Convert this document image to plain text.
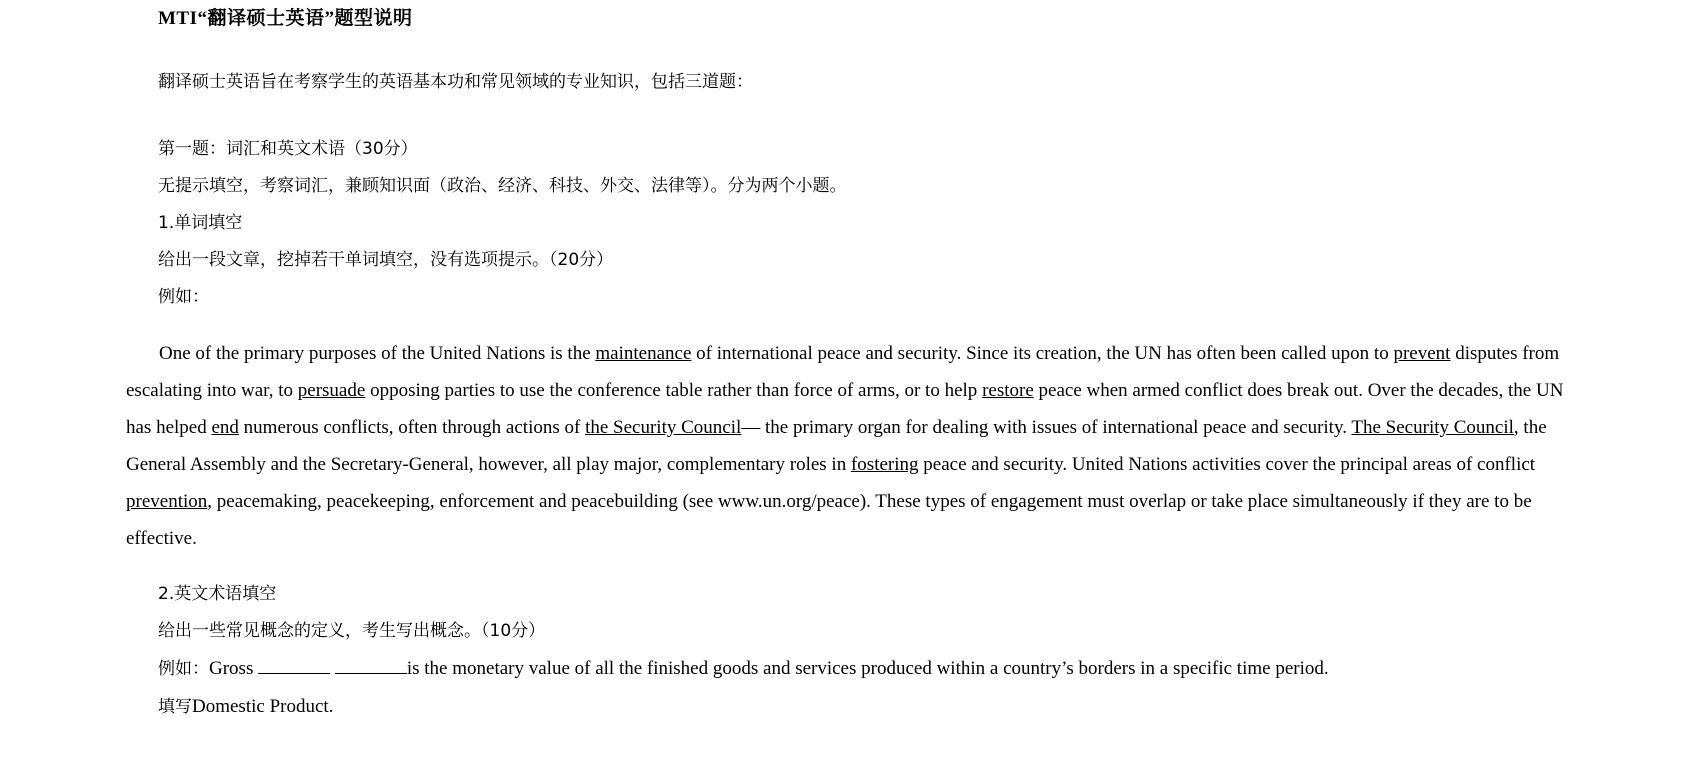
MTI“翻译硕士英语”题型说明
翻译硕士英语旨在考察学生的英语基本功和常见领域的专业知识，包括三道题：
第一题：词汇和英文术语（30分）
无提示填空，考察词汇，兼顾知识面（政治、经济、科技、外交、法律等）。分为两个小题。
1.单词填空
给出一段文章，挖掉若干单词填空，没有选项提示。（20分）
例如：

One of the primary purposes of the United Nations is the maintenance of international peace and security. Since its creation, the UN has often been called upon to prevent disputes from escalating into war, to persuade opposing parties to use the conference table rather than force of arms, or to help restore peace when armed conflict does break out. Over the decades, the UN has helped end numerous conflicts, often through actions of the Security Council— the primary organ for dealing with issues of international peace and security. The Security Council, the General Assembly and the Secretary-General, however, all play major, complementary roles in fostering peace and security. United Nations activities cover the principal areas of conflict prevention, peacemaking, peacekeeping, enforcement and peacebuilding (see www.un.org/peace). These types of engagement must overlap or take place simultaneously if they are to be effective.

2.英文术语填空
给出一些常见概念的定义，考生写出概念。（10分）
例如：Gross	is the monetary value of all the finished goods and services produced within a country’s borders in a specific time period.
填写Domestic Product.
